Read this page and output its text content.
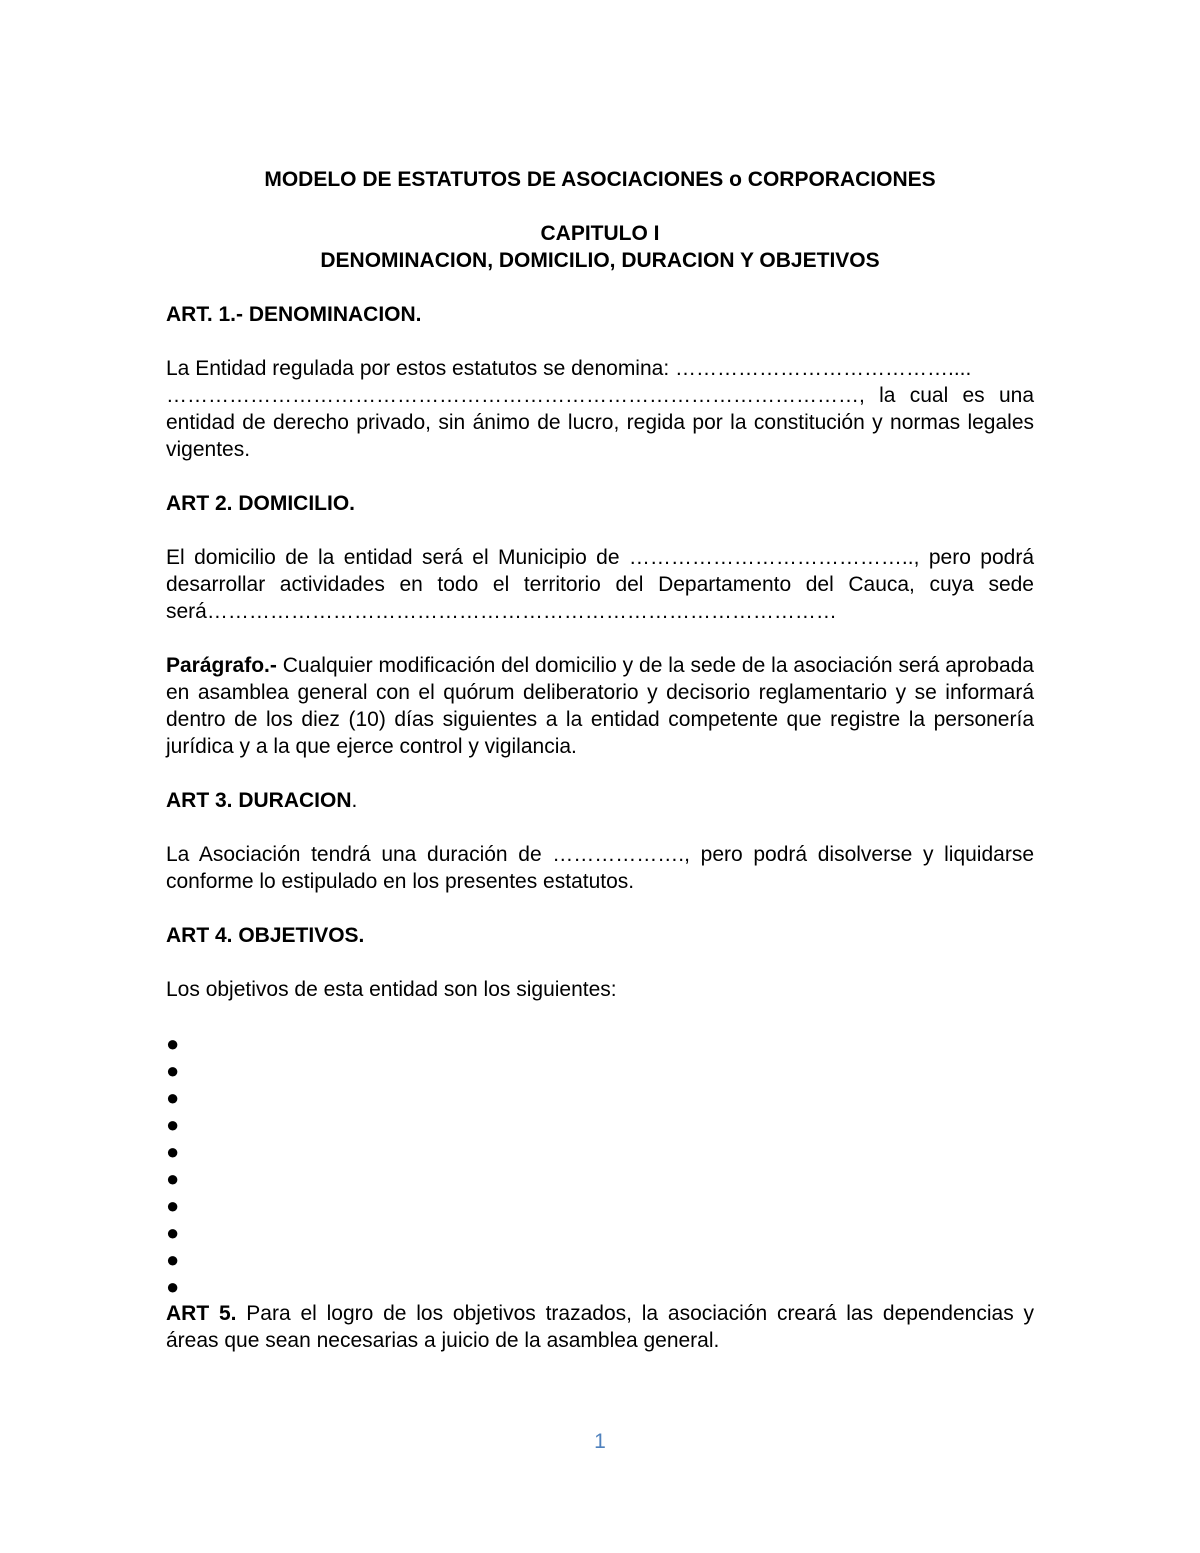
MODELO DE ESTATUTOS DE ASOCIACIONES o CORPORACIONES

CAPITULO I
DENOMINACION, DOMICILIO, DURACION Y OBJETIVOS

ART. 1.- DENOMINACION.

La Entidad regulada por estos estatutos se denomina: …………………………………....
………………………………………………………………………………………, la cual es una entidad de derecho privado, sin ánimo de lucro, regida por la constitución y normas legales vigentes.

ART 2. DOMICILIO.

El domicilio de la entidad será el Municipio de ………………………………….., pero podrá desarrollar actividades en todo el territorio del Departamento del Cauca, cuya sede será………………………………………………………………………………

Parágrafo.- Cualquier modificación del domicilio y de la sede de la asociación será aprobada en asamblea general con el quórum deliberatorio y decisorio reglamentario y se informará dentro de los diez (10) días siguientes a la entidad competente que registre la personería jurídica y a la que ejerce control y vigilancia.

ART 3. DURACION.

La Asociación tendrá una duración de ………………., pero podrá disolverse y liquidarse conforme lo estipulado en los presentes estatutos.

ART 4. OBJETIVOS.

Los objetivos de esta entidad son los siguientes:

●
●
●
●
●
●
●
●
●
●

ART 5. Para el logro de los objetivos trazados, la asociación creará las dependencias y áreas que sean necesarias a juicio de la asamblea general.

1
